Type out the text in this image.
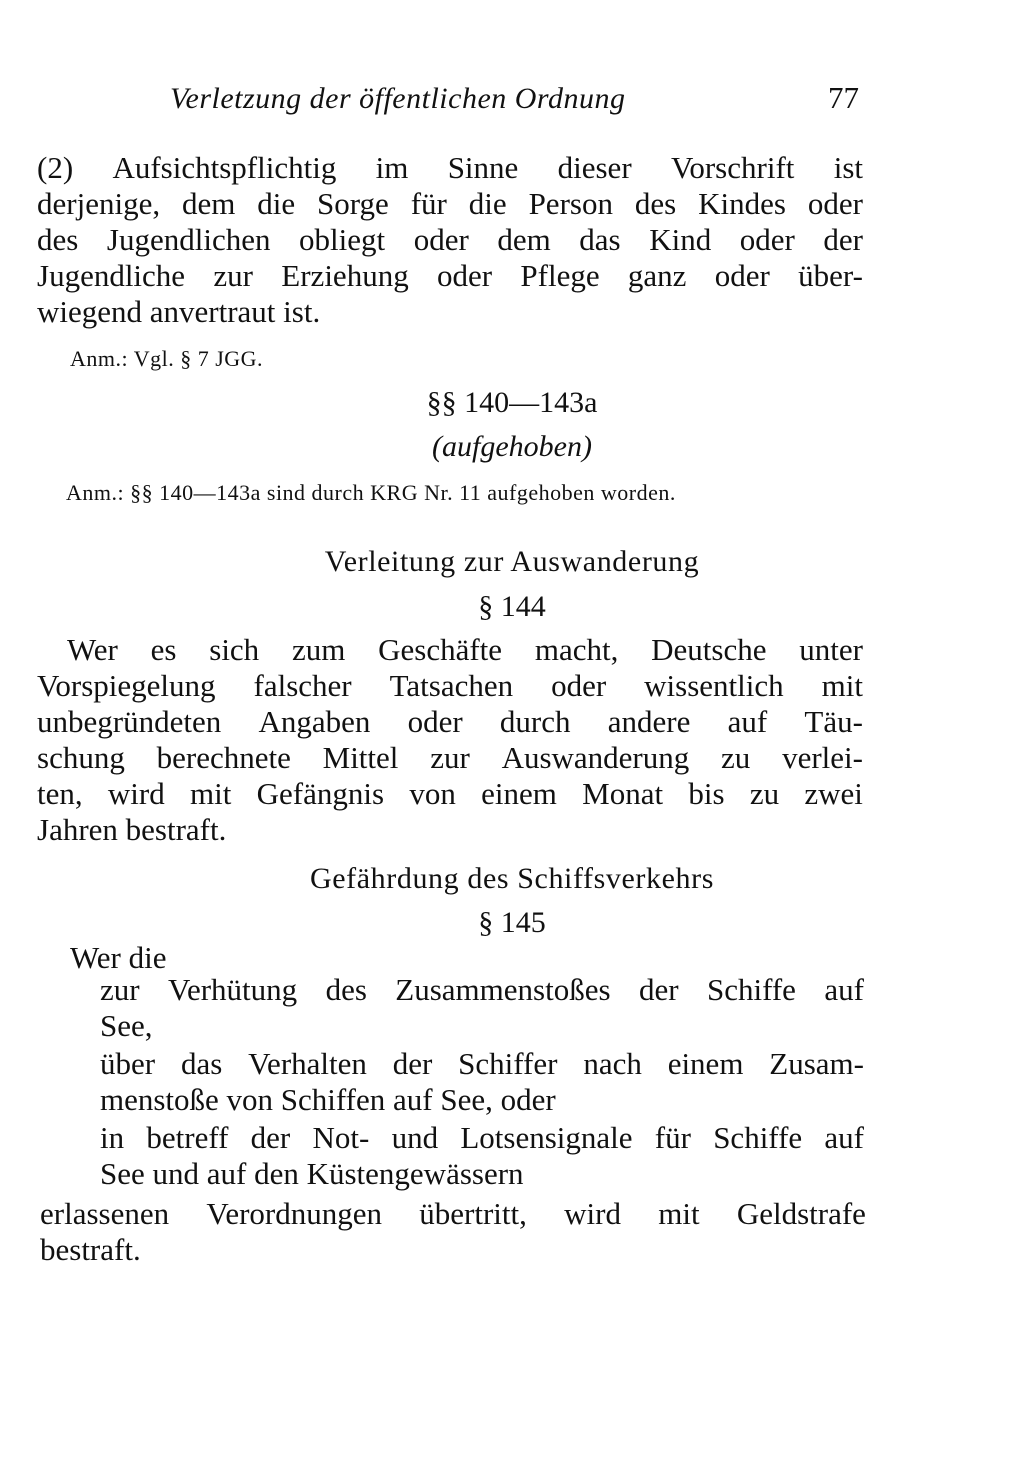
Verletzung der öffentlichen Ordnung	77
(2) Aufsichtspflichtig im Sinne dieser Vorschrift ist
derjenige, dem die Sorge für die Person des Kindes oder
des Jugendlichen obliegt oder dem das Kind oder der
Jugendliche zur Erziehung oder Pflege ganz oder über-
wiegend anvertraut ist.
Anm.: Vgl. § 7 JGG.
§§ 140—143a
(aufgehoben)
Anm.: §§ 140—143a sind durch KRG Nr. 11 aufgehoben worden.
Verleitung zur Auswanderung
§ 144
Wer es sich zum Geschäfte macht, Deutsche unter
Vorspiegelung falscher Tatsachen oder wissentlich mit
unbegründeten Angaben oder durch andere auf Täu-
schung berechnete Mittel zur Auswanderung zu verlei-
ten, wird mit Gefängnis von einem Monat bis zu zwei
Jahren bestraft.
Gefährdung des Schiffsverkehrs
§ 145
Wer die
zur Verhütung des Zusammenstoßes der Schiffe auf
See,
über das Verhalten der Schiffer nach einem Zusam-
menstoße von Schiffen auf See, oder
in betreff der Not- und Lotsensignale für Schiffe auf
See und auf den Küstengewässern
erlassenen Verordnungen übertritt, wird mit Geldstrafe
bestraft.
